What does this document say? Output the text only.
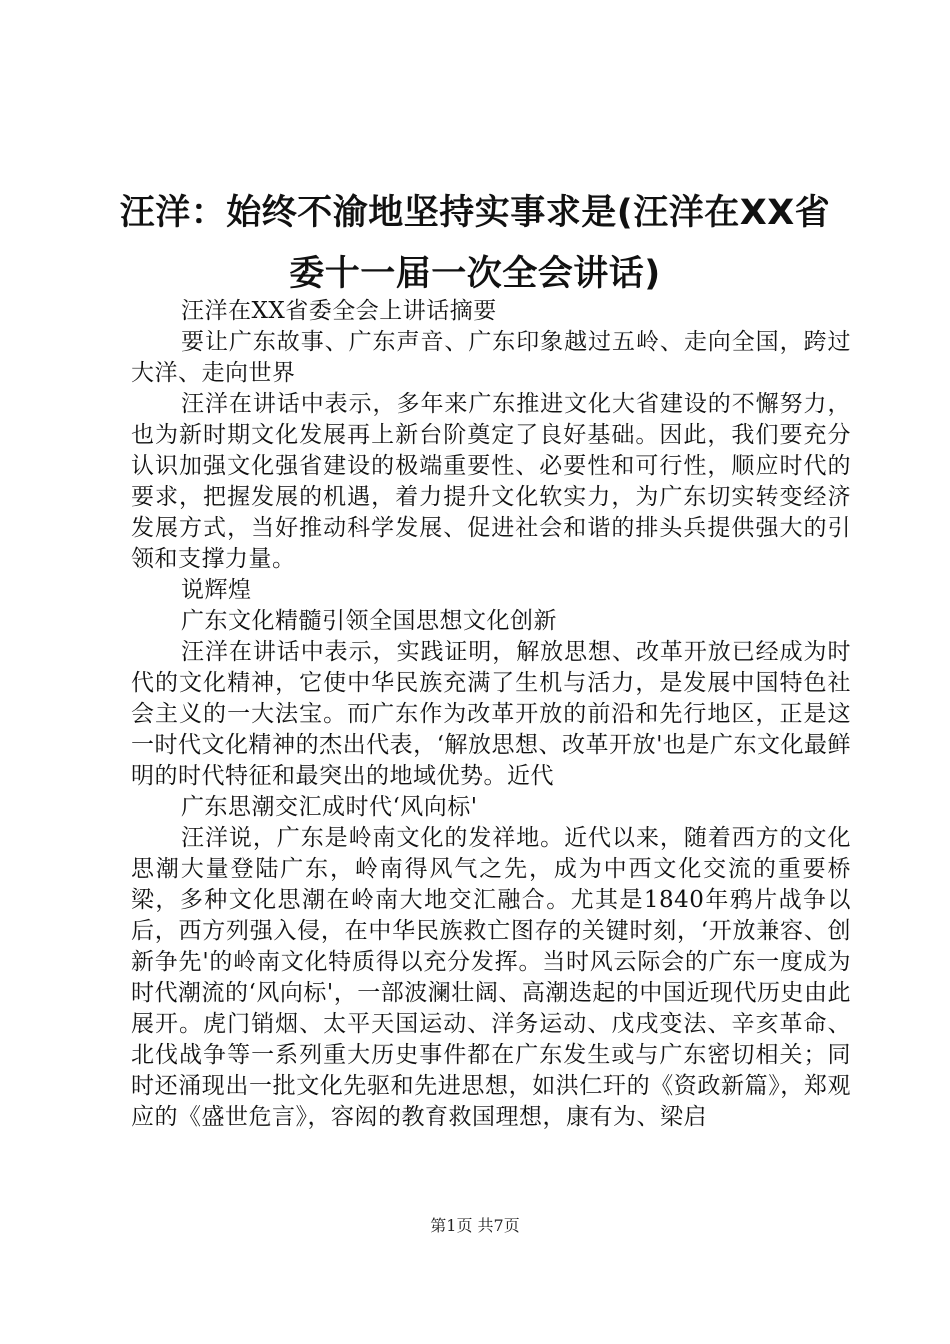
汪洋：始终不渝地坚持实事求是(汪洋在XX省
委十一届一次全会讲话)

汪洋在XX省委全会上讲话摘要

要让广东故事、广东声音、广东印象越过五岭、走向全国，跨过大洋、走向世界

汪洋在讲话中表示，多年来广东推进文化大省建设的不懈努力，也为新时期文化发展再上新台阶奠定了良好基础。因此，我们要充分认识加强文化强省建设的极端重要性、必要性和可行性，顺应时代的要求，把握发展的机遇，着力提升文化软实力，为广东切实转变经济发展方式，当好推动科学发展、促进社会和谐的排头兵提供强大的引领和支撑力量。

说辉煌

广东文化精髓引领全国思想文化创新

汪洋在讲话中表示，实践证明，解放思想、改革开放已经成为时代的文化精神，它使中华民族充满了生机与活力，是发展中国特色社会主义的一大法宝。而广东作为改革开放的前沿和先行地区，正是这一时代文化精神的杰出代表，‘解放思想、改革开放'也是广东文化最鲜明的时代特征和最突出的地域优势。近代

广东思潮交汇成时代‘风向标'

汪洋说，广东是岭南文化的发祥地。近代以来，随着西方的文化思潮大量登陆广东，岭南得风气之先，成为中西文化交流的重要桥梁，多种文化思潮在岭南大地交汇融合。尤其是1840年鸦片战争以后，西方列强入侵，在中华民族救亡图存的关键时刻，‘开放兼容、创新争先'的岭南文化特质得以充分发挥。当时风云际会的广东一度成为时代潮流的‘风向标'，一部波澜壮阔、高潮迭起的中国近现代历史由此展开。虎门销烟、太平天国运动、洋务运动、戊戌变法、辛亥革命、北伐战争等一系列重大历史事件都在广东发生或与广东密切相关；同时还涌现出一批文化先驱和先进思想，如洪仁玕的《资政新篇》，郑观应的《盛世危言》，容闳的教育救国理想，康有为、梁启

第1页 共7页
